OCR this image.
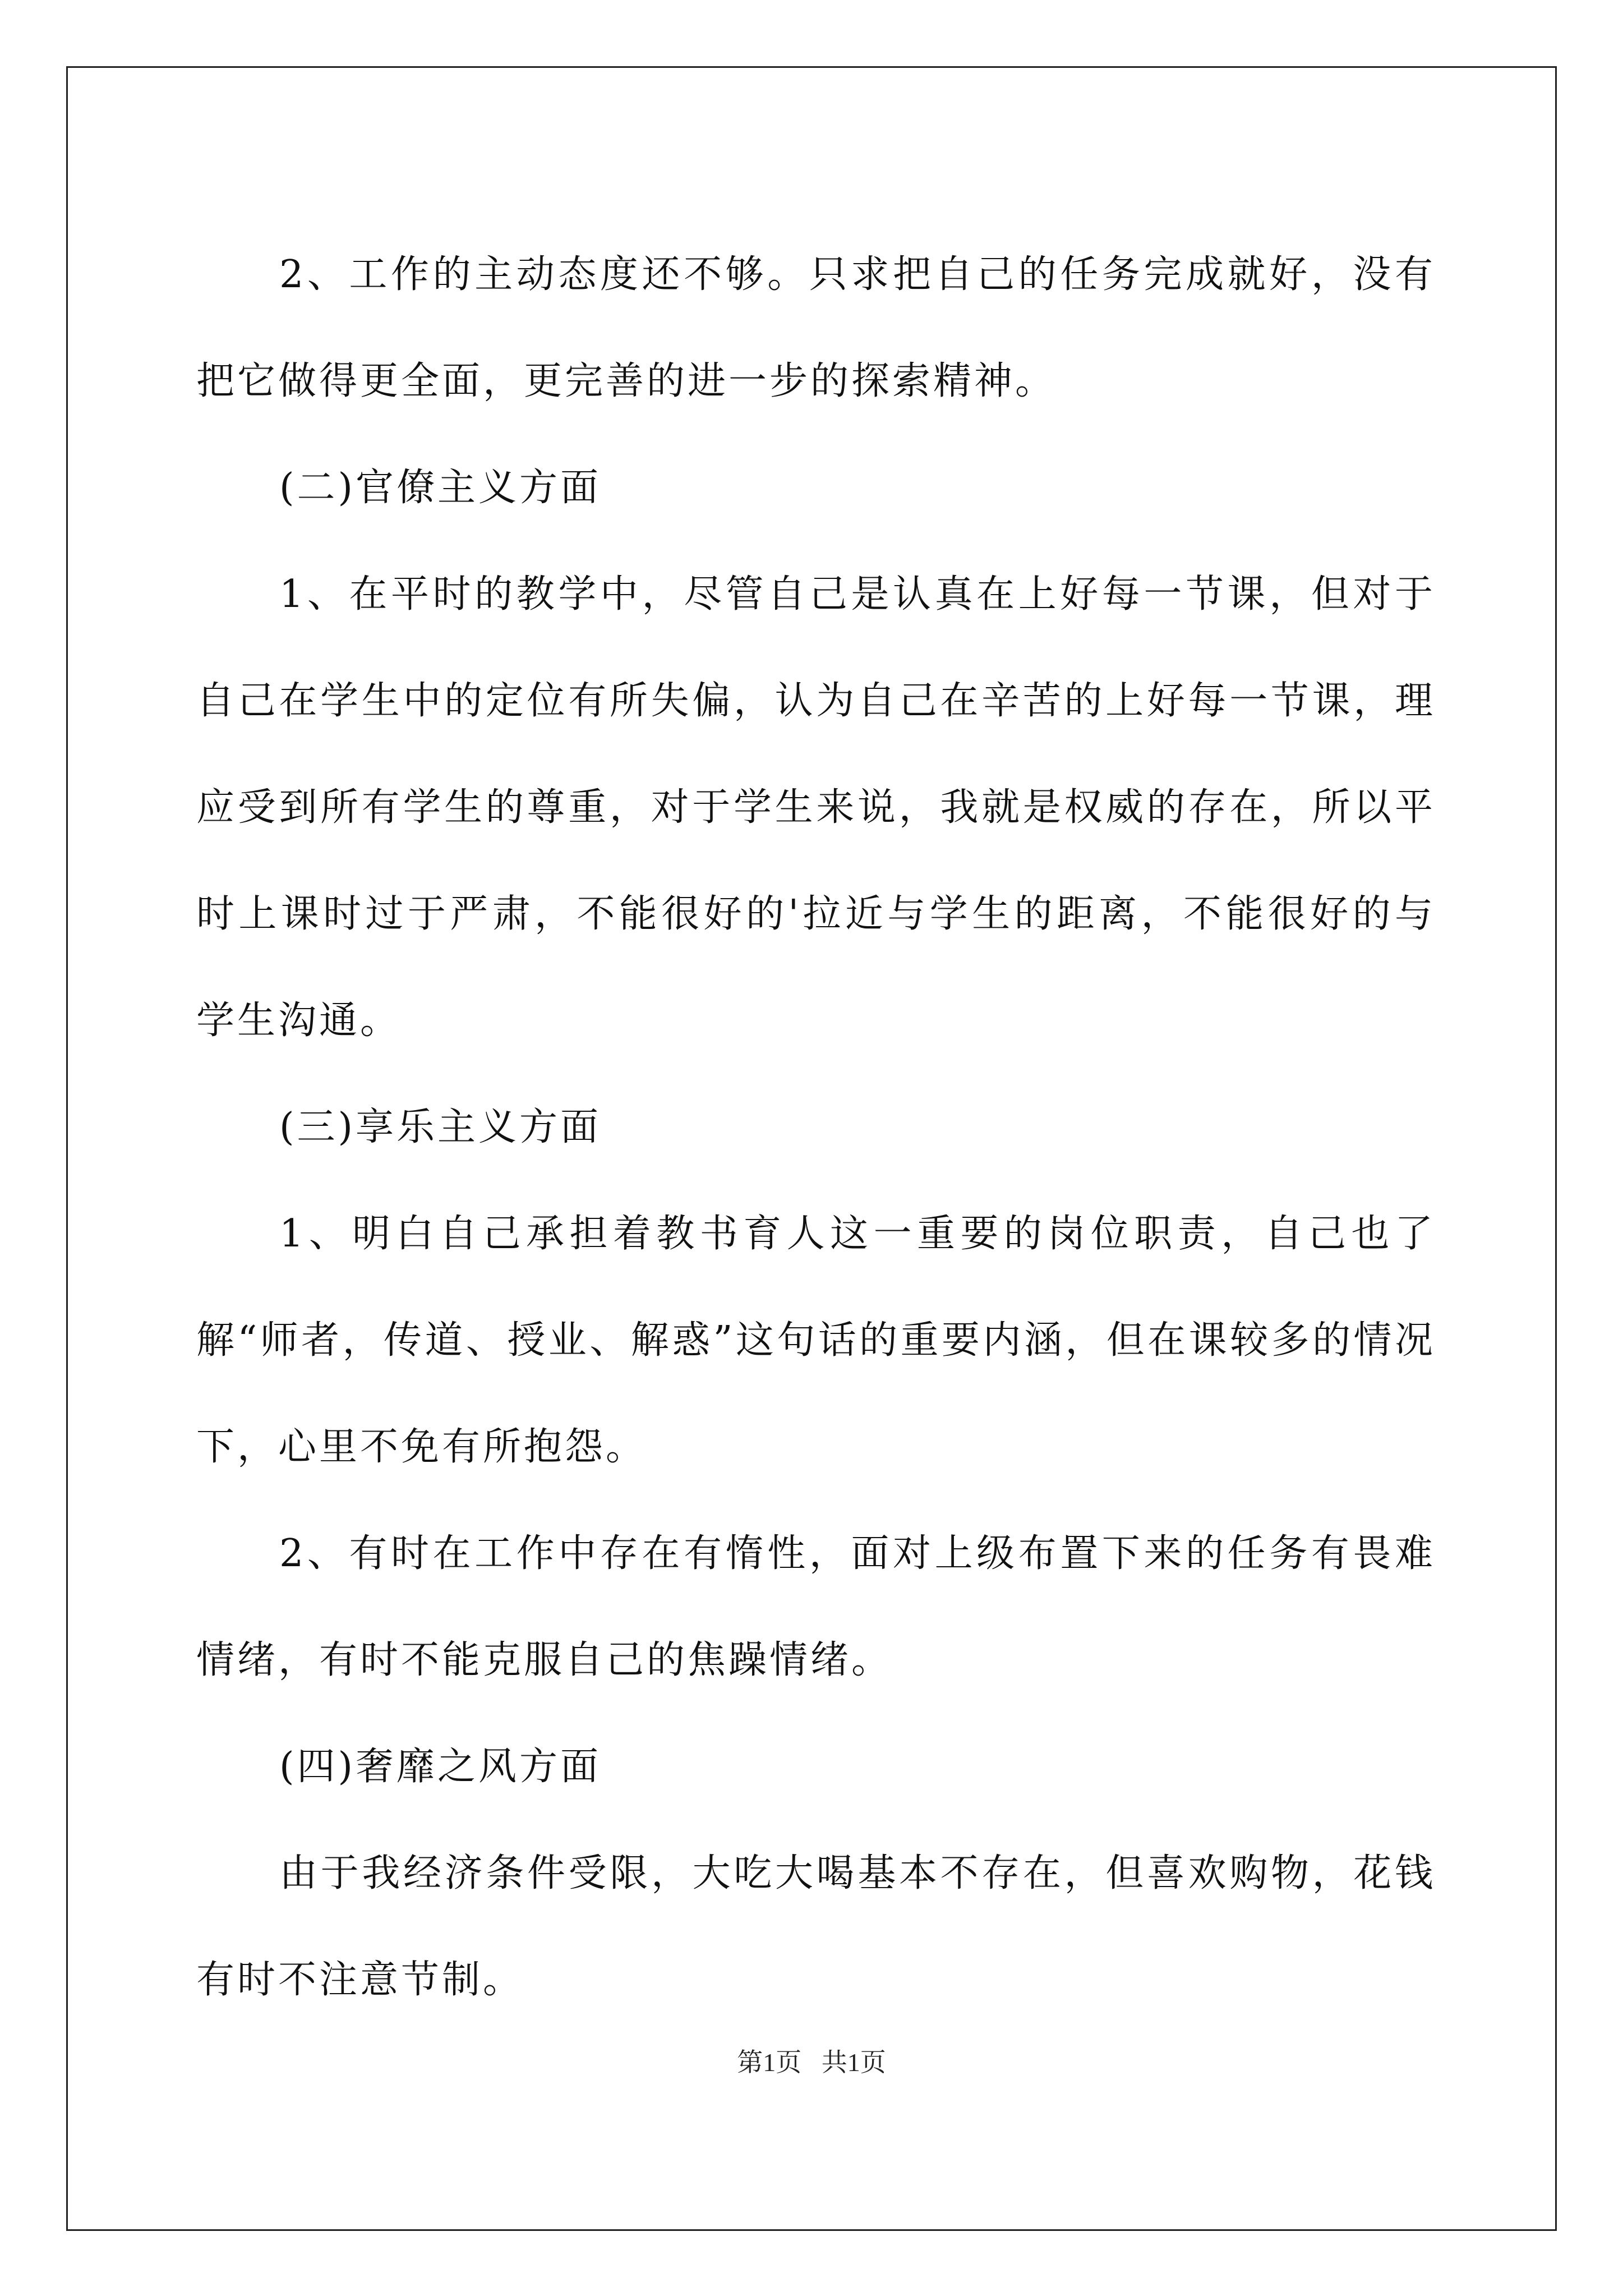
2、工作的主动态度还不够。只求把自己的任务完成就好，没有把它做得更全面，更完善的进一步的探索精神。

(二)官僚主义方面

1、在平时的教学中，尽管自己是认真在上好每一节课，但对于自己在学生中的定位有所失偏，认为自己在辛苦的上好每一节课，理应受到所有学生的尊重，对于学生来说，我就是权威的存在，所以平时上课时过于严肃，不能很好的'拉近与学生的距离，不能很好的与学生沟通。

(三)享乐主义方面

1、明白自己承担着教书育人这一重要的岗位职责，自己也了解“师者，传道、授业、解惑”这句话的重要内涵，但在课较多的情况下，心里不免有所抱怨。

2、有时在工作中存在有惰性，面对上级布置下来的任务有畏难情绪，有时不能克服自己的焦躁情绪。

(四)奢靡之风方面

由于我经济条件受限，大吃大喝基本不存在，但喜欢购物，花钱有时不注意节制。

第1页 共1页
